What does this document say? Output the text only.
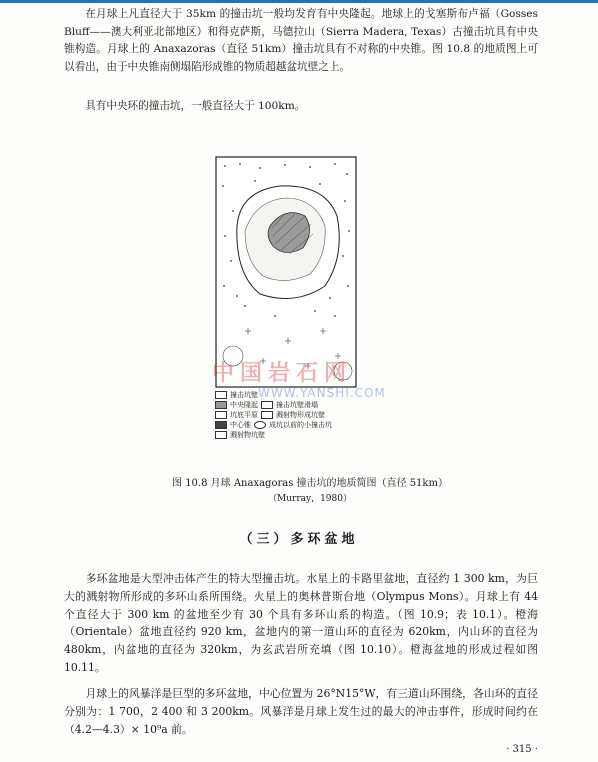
在月球上凡直径大于 35km 的撞击坑一般均发育有中央隆起。地球上的戈塞斯布卢福（Gosses Bluff——澳大利亚北部地区）和得克萨斯，马德拉山（Sierra Madera, Texas）古撞击坑具有中央锥构造。月球上的 Anaxazoras（直径 51km）撞击坑具有不对称的中央锥。图 10.8 的地质图上可以看出，由于中央锥南侧塌陷形成锥的物质超越盆坑壁之上。

具有中央环的撞击坑，一般直径大于 100km。

中国岩石网
WWW.YANSHI.COM
撞击坑壁
中央隆起	撞击坑壁滑塌
坑底平原	溅射物形成坑壁
中心锥	成坑以前的小撞击坑
溅射物坑壁

图 10.8 月球 Anaxagoras 撞击坑的地质简图（直径 51km）

（Murray，1980）

（三）多环盆地

多环盆地是大型冲击体产生的特大型撞击坑。水星上的卡路里盆地，直径约 1 300 km，为巨大的溅射物所形成的多环山系所围绕。火星上的奥林普斯台地（Olympus Mons）。月球上有 44 个直径大于 300 km 的盆地至少有 30 个具有多环山系的构造。（图 10.9；表 10.1）。橙海（Orientale）盆地直径约 920 km，盆地内的第一道山环的直径为 620km，内山环的直径为 480km，内盆地的直径为 320km，为玄武岩所充填（图 10.10）。橙海盆地的形成过程如图 10.11。

月球上的风暴洋是巨型的多环盆地，中心位置为 26°N15°W，有三道山环围绕，各山环的直径分别为：1 700，2 400 和 3 200km。风暴洋是月球上发生过的最大的冲击事件，形成时间约在（4.2—4.3）× 10⁹a 前。

· 315 ·
